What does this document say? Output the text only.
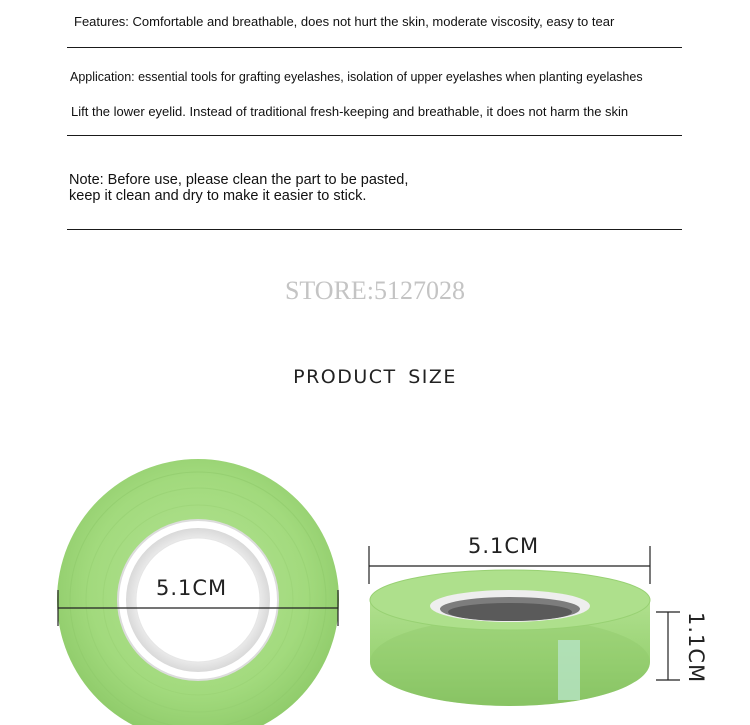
Features: Comfortable and breathable, does not hurt the skin, moderate viscosity, easy to tear
Application: essential tools for grafting eyelashes, isolation of upper eyelashes when planting eyelashes
Lift the lower eyelid. Instead of traditional fresh-keeping and breathable, it does not harm the skin
Note: Before use, please clean the part to be pasted,
keep it clean and dry to make it easier to stick.
STORE:5127028
PRODUCT SIZE
5.1CM
5.1CM
1.1CM
